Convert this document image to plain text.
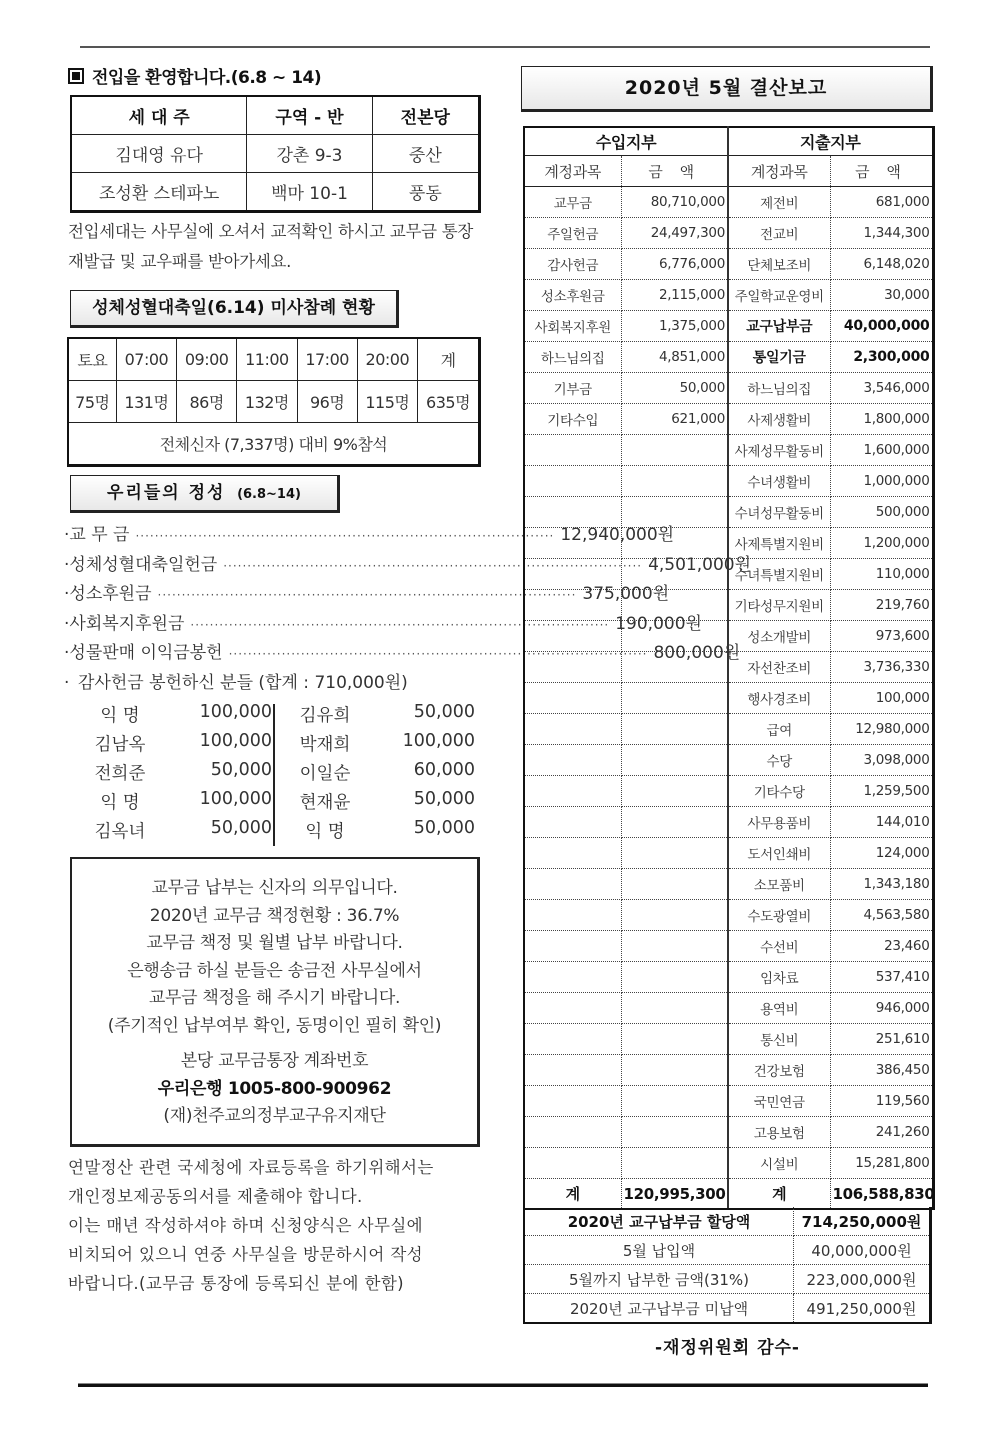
전입을 환영합니다.(6.8 ~ 14)
세 대 주	구역 - 반	전본당
김대영 유다	강촌 9-3	중산
조성환 스테파노	백마 10-1	풍동
전입세대는 사무실에 오셔서 교적확인 하시고 교무금 통장
재발급 및 교우패를 받아가세요.
성체성혈대축일(6.14) 미사참례 현황
토요	07:00	09:00	11:00	17:00	20:00	계
75명	131명	86명	132명	96명	115명	635명
전체신자 (7,337명) 대비 9%참석						
우리들의 정성 (6.8~14)
· 교 무 금 ······················································································· 12,940,000원
· 성체성혈대축일헌금 ······················································································· 4,501,000원
· 성소후원금 ······················································································· 375,000원
· 사회복지후원금 ······················································································· 190,000원
· 성물판매 이익금봉헌 ······················································································· 800,000원
· 감사헌금 봉헌하신 분들 (합계 : 710,000원)
익 명	100,000	김유희	50,000
김남옥	100,000	박재희	100,000
전희준	50,000	이일순	60,000
익 명	100,000	현재윤	50,000
김옥녀	50,000	익 명	50,000
교무금 납부는 신자의 의무입니다.
2020년 교무금 책정현황 : 36.7%
교무금 책정 및 월별 납부 바랍니다.
은행송금 하실 분들은 송금전 사무실에서
교무금 책정을 해 주시기 바랍니다.
(주기적인 납부여부 확인, 동명이인 필히 확인)
본당 교무금통장 계좌번호
우리은행 1005-800-900962
(재)천주교의정부교구유지재단
연말정산 관련 국세청에 자료등록을 하기위해서는
개인정보제공동의서를 제출해야 합니다.
이는 매년 작성하셔야 하며 신청양식은 사무실에
비치되어 있으니 연중 사무실을 방문하시어 작성
바랍니다.(교무금 통장에 등록되신 분에 한함)
2020년 5월 결산보고
수입지부		지출지부	
계정과목	금 액	계정과목	금 액
교무금	80,710,000	제전비	681,000
주일헌금	24,497,300	전교비	1,344,300
감사헌금	6,776,000	단체보조비	6,148,020
성소후원금	2,115,000	주일학교운영비	30,000
사회복지후원	1,375,000	교구납부금	40,000,000
하느님의집	4,851,000	통일기금	2,300,000
기부금	50,000	하느님의집	3,546,000
기타수입	621,000	사제생활비	1,800,000
		사제성무활동비	1,600,000
		수녀생활비	1,000,000
		수녀성무활동비	500,000
		사제특별지원비	1,200,000
		수녀특별지원비	110,000
		기타성무지원비	219,760
		성소개발비	973,600
		자선찬조비	3,736,330
		행사경조비	100,000
		급여	12,980,000
		수당	3,098,000
		기타수당	1,259,500
		사무용품비	144,010
		도서인쇄비	124,000
		소모품비	1,343,180
		수도광열비	4,563,580
		수선비	23,460
		임차료	537,410
		용역비	946,000
		통신비	251,610
		건강보험	386,450
		국민연금	119,560
		고용보험	241,260
		시설비	15,281,800
계	120,995,300	계	106,588,830
2020년 교구납부금 할당액	714,250,000원
5월 납입액	40,000,000원
5월까지 납부한 금액(31%)	223,000,000원
2020년 교구납부금 미납액	491,250,000원
-재정위원회 감수-
